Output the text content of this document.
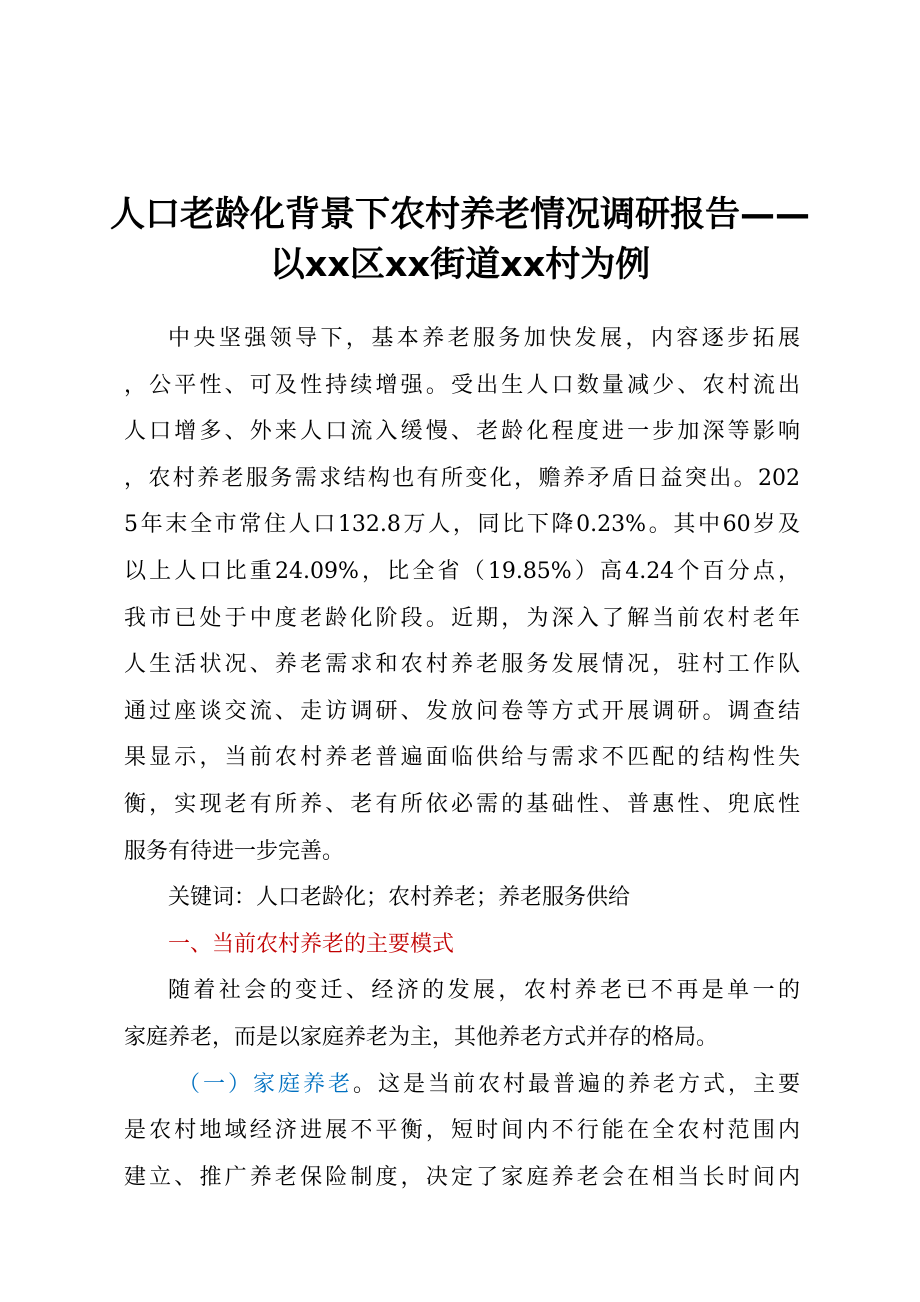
人口老龄化背景下农村养老情况调研报告——
以xx区xx街道xx村为例
中央坚强领导下，基本养老服务加快发展，内容逐步拓展
，公平性、可及性持续增强。受出生人口数量减少、农村流出
人口增多、外来人口流入缓慢、老龄化程度进一步加深等影响
，农村养老服务需求结构也有所变化，赡养矛盾日益突出。202
5年末全市常住人口132.8万人，同比下降0.23%。其中60岁及
以上人口比重24.09%，比全省（19.85%）高4.24个百分点，
我市已处于中度老龄化阶段。近期，为深入了解当前农村老年
人生活状况、养老需求和农村养老服务发展情况，驻村工作队
通过座谈交流、走访调研、发放问卷等方式开展调研。调查结
果显示，当前农村养老普遍面临供给与需求不匹配的结构性失
衡，实现老有所养、老有所依必需的基础性、普惠性、兜底性
服务有待进一步完善。
关键词：人口老龄化；农村养老；养老服务供给
一、当前农村养老的主要模式
随着社会的变迁、经济的发展，农村养老已不再是单一的
家庭养老，而是以家庭养老为主，其他养老方式并存的格局。
（一）家庭养老。这是当前农村最普遍的养老方式，主要
是农村地域经济进展不平衡，短时间内不行能在全农村范围内
建立、推广养老保险制度，决定了家庭养老会在相当长时间内
